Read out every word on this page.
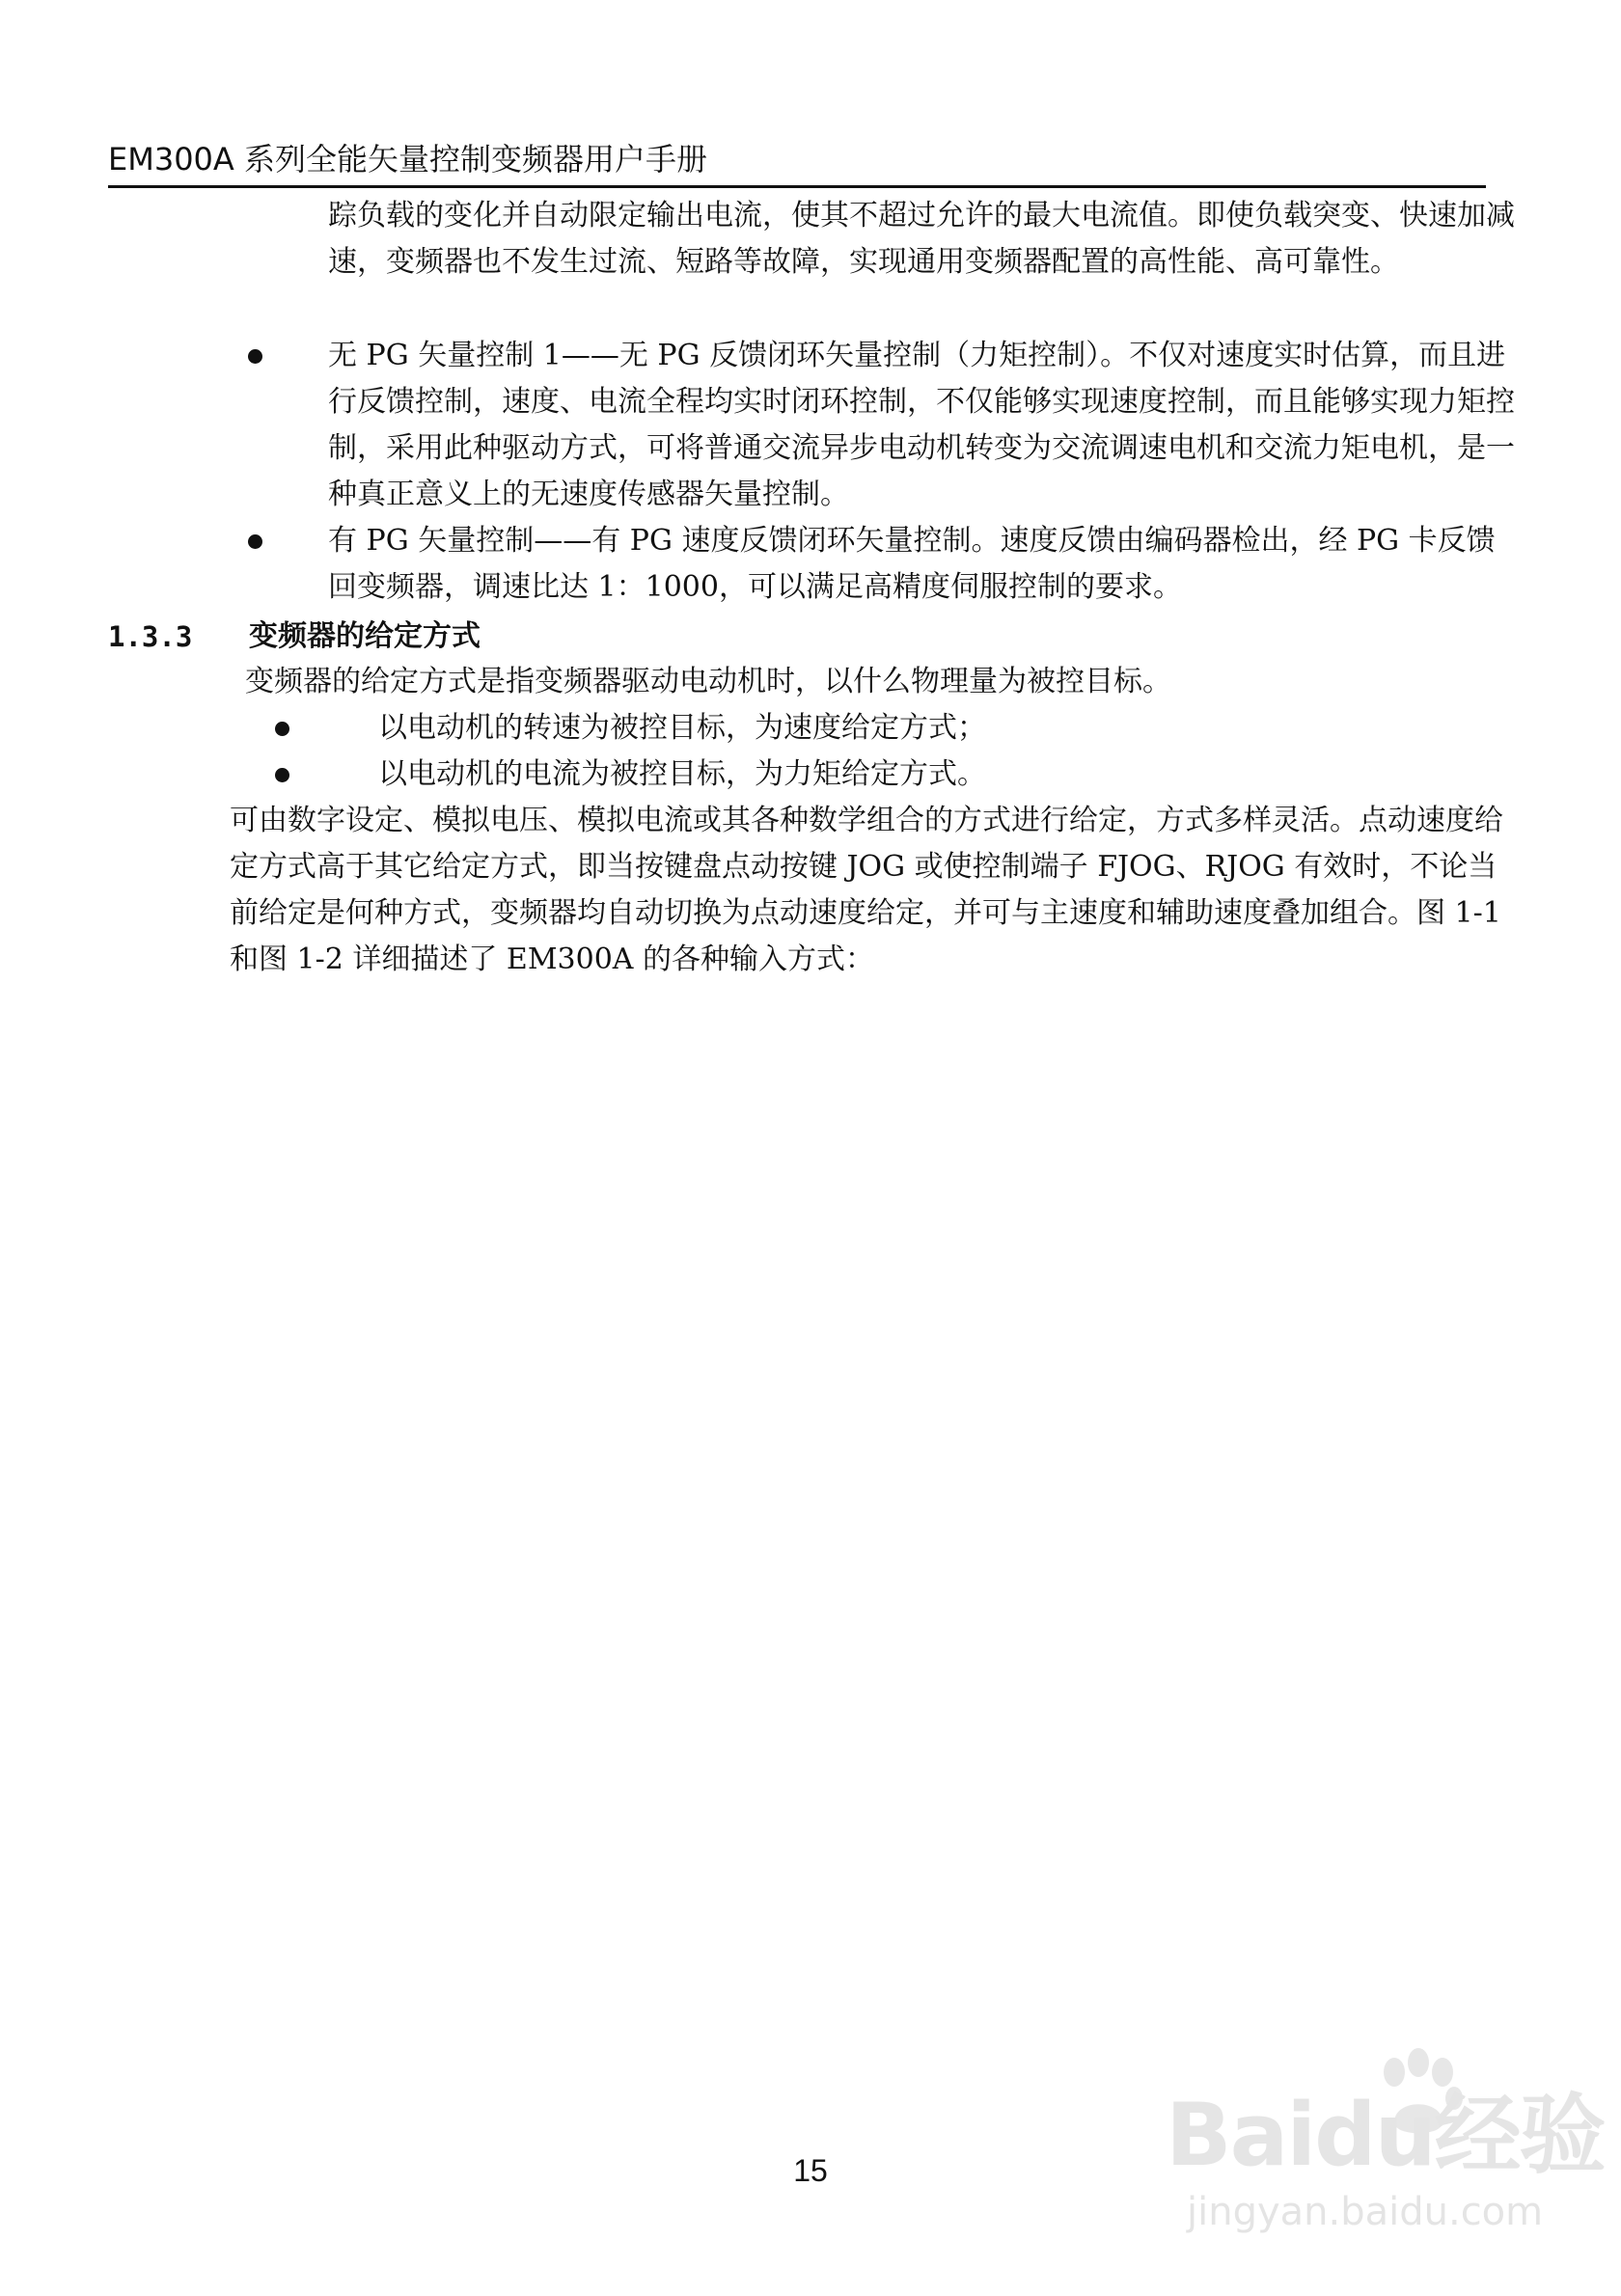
EM300A 系列全能矢量控制变频器用户手册

踪负载的变化并自动限定输出电流，使其不超过允许的最大电流值。即使负载突变、快速加减速，变频器也不发生过流、短路等故障，实现通用变频器配置的高性能、高可靠性。

无 PG 矢量控制 1——无 PG 反馈闭环矢量控制（力矩控制）。不仅对速度实时估算，而且进行反馈控制，速度、电流全程均实时闭环控制，不仅能够实现速度控制，而且能够实现力矩控制，采用此种驱动方式，可将普通交流异步电动机转变为交流调速电机和交流力矩电机，是一种真正意义上的无速度传感器矢量控制。

有 PG 矢量控制——有 PG 速度反馈闭环矢量控制。速度反馈由编码器检出，经 PG 卡反馈回变频器，调速比达 1：1000，可以满足高精度伺服控制的要求。

1.3.3 变频器的给定方式

变频器的给定方式是指变频器驱动电动机时，以什么物理量为被控目标。

以电动机的转速为被控目标，为速度给定方式；

以电动机的电流为被控目标，为力矩给定方式。

可由数字设定、模拟电压、模拟电流或其各种数学组合的方式进行给定，方式多样灵活。点动速度给定方式高于其它给定方式，即当按键盘点动按键 JOG 或使控制端子 FJOG、RJOG 有效时，不论当前给定是何种方式，变频器均自动切换为点动速度给定，并可与主速度和辅助速度叠加组合。图 1-1 和图 1-2 详细描述了 EM300A 的各种输入方式：

15	Baidu经验
jingyan.baidu.com
